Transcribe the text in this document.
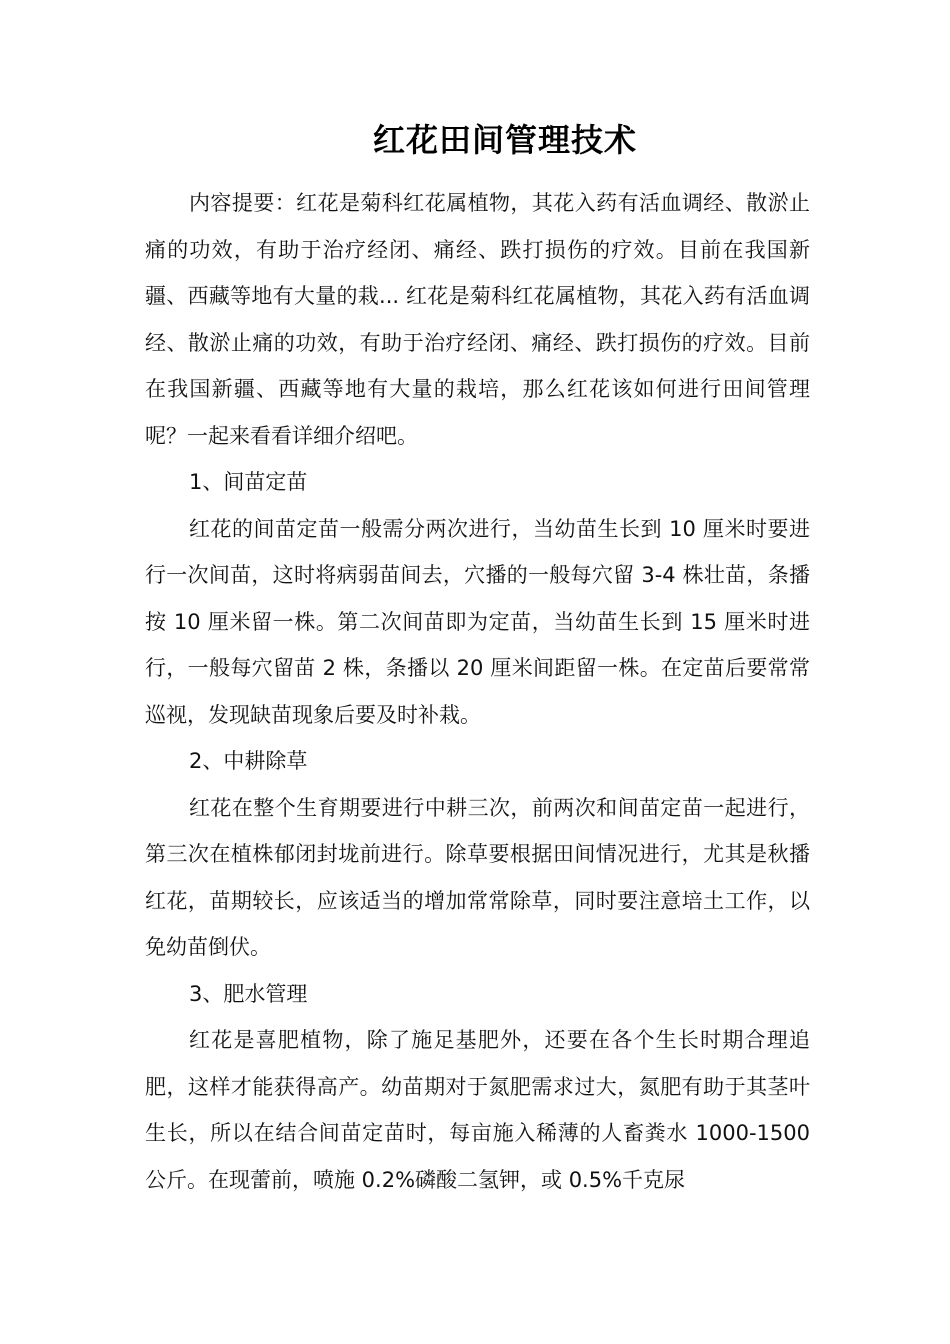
红花田间管理技术

内容提要：红花是菊科红花属植物，其花入药有活血调经、散淤止痛的功效，有助于治疗经闭、痛经、跌打损伤的疗效。目前在我国新疆、西藏等地有大量的栽... 红花是菊科红花属植物，其花入药有活血调经、散淤止痛的功效，有助于治疗经闭、痛经、跌打损伤的疗效。目前在我国新疆、西藏等地有大量的栽培，那么红花该如何进行田间管理呢？一起来看看详细介绍吧。

1、间苗定苗

红花的间苗定苗一般需分两次进行，当幼苗生长到 10 厘米时要进行一次间苗，这时将病弱苗间去，穴播的一般每穴留 3-4 株壮苗，条播按 10 厘米留一株。第二次间苗即为定苗，当幼苗生长到 15 厘米时进行，一般每穴留苗 2 株，条播以 20 厘米间距留一株。在定苗后要常常巡视，发现缺苗现象后要及时补栽。

2、中耕除草

红花在整个生育期要进行中耕三次，前两次和间苗定苗一起进行，第三次在植株郁闭封垅前进行。除草要根据田间情况进行，尤其是秋播红花，苗期较长，应该适当的增加常常除草，同时要注意培土工作，以免幼苗倒伏。

3、肥水管理

红花是喜肥植物，除了施足基肥外，还要在各个生长时期合理追肥，这样才能获得高产。幼苗期对于氮肥需求过大，氮肥有助于其茎叶生长，所以在结合间苗定苗时，每亩施入稀薄的人畜粪水 1000-1500 公斤。在现蕾前，喷施 0.2%磷酸二氢钾，或 0.5%千克尿
